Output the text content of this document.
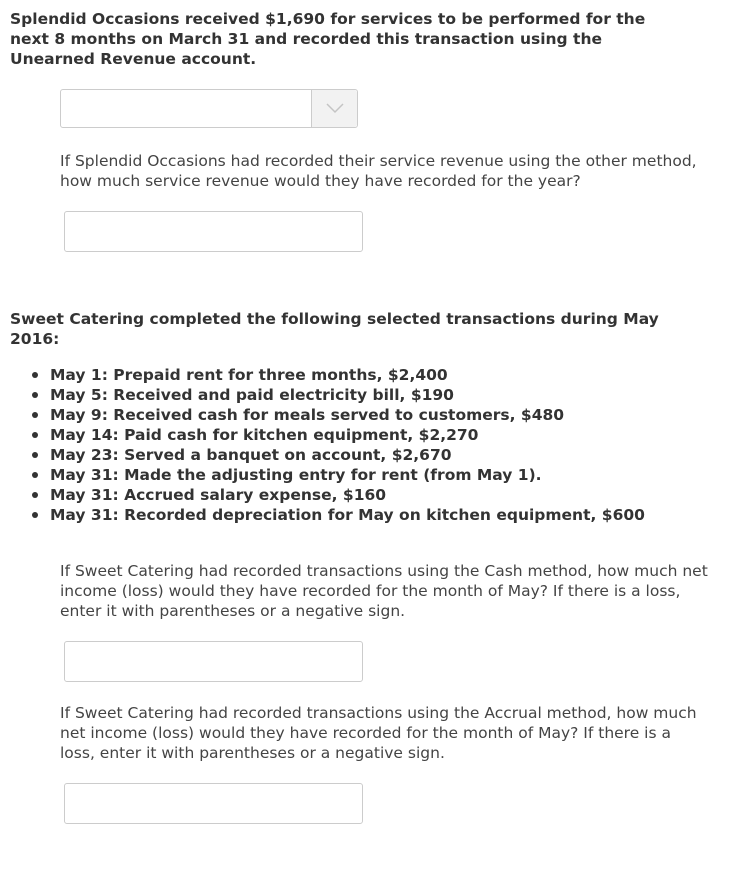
Splendid Occasions received $1,690 for services to be performed for the next 8 months on March 31 and recorded this transaction using the Unearned Revenue account.
If Splendid Occasions had recorded their service revenue using the other method, how much service revenue would they have recorded for the year?
Sweet Catering completed the following selected transactions during May 2016:
May 1: Prepaid rent for three months, $2,400
May 5: Received and paid electricity bill, $190
May 9: Received cash for meals served to customers, $480
May 14: Paid cash for kitchen equipment, $2,270
May 23: Served a banquet on account, $2,670
May 31: Made the adjusting entry for rent (from May 1).
May 31: Accrued salary expense, $160
May 31: Recorded depreciation for May on kitchen equipment, $600
If Sweet Catering had recorded transactions using the Cash method, how much net income (loss) would they have recorded for the month of May? If there is a loss, enter it with parentheses or a negative sign.
If Sweet Catering had recorded transactions using the Accrual method, how much net income (loss) would they have recorded for the month of May? If there is a loss, enter it with parentheses or a negative sign.
